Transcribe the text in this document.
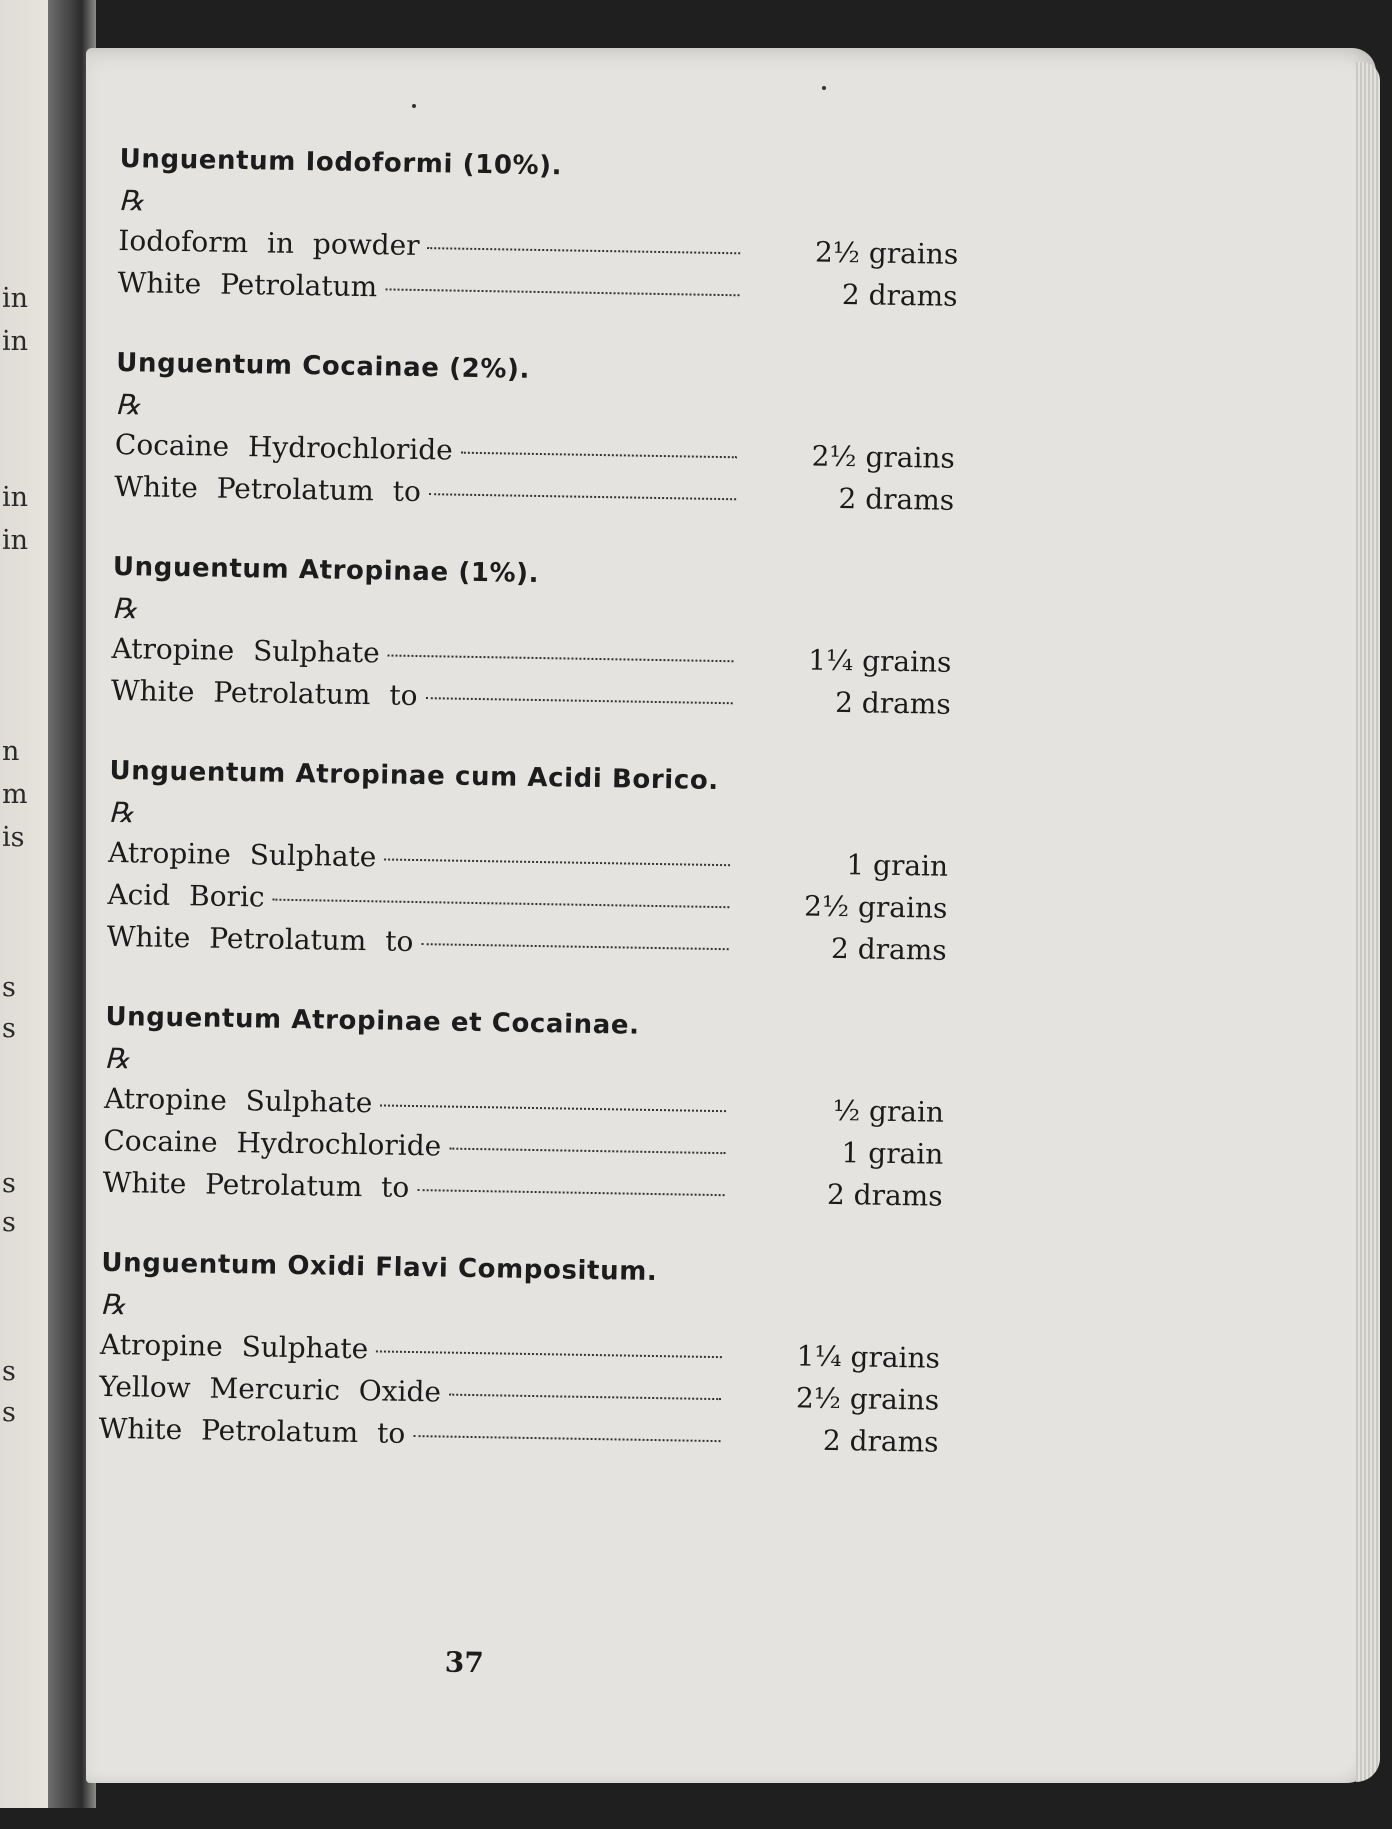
in
in
in
in
n
m
is
s
s
s
s
s
s
Unguentum Iodoformi (10%).
℞
Iodoform in powder	2½ grains
White Petrolatum	2 drams
Unguentum Cocainae (2%).
℞
Cocaine Hydrochloride	2½ grains
White Petrolatum to	2 drams
Unguentum Atropinae (1%).
℞
Atropine Sulphate	1¼ grains
White Petrolatum to	2 drams
Unguentum Atropinae cum Acidi Borico.
℞
Atropine Sulphate	1 grain
Acid Boric	2½ grains
White Petrolatum to	2 drams
Unguentum Atropinae et Cocainae.
℞
Atropine Sulphate	½ grain
Cocaine Hydrochloride	1 grain
White Petrolatum to	2 drams
Unguentum Oxidi Flavi Compositum.
℞
Atropine Sulphate	1¼ grains
Yellow Mercuric Oxide	2½ grains
White Petrolatum to	2 drams
37
